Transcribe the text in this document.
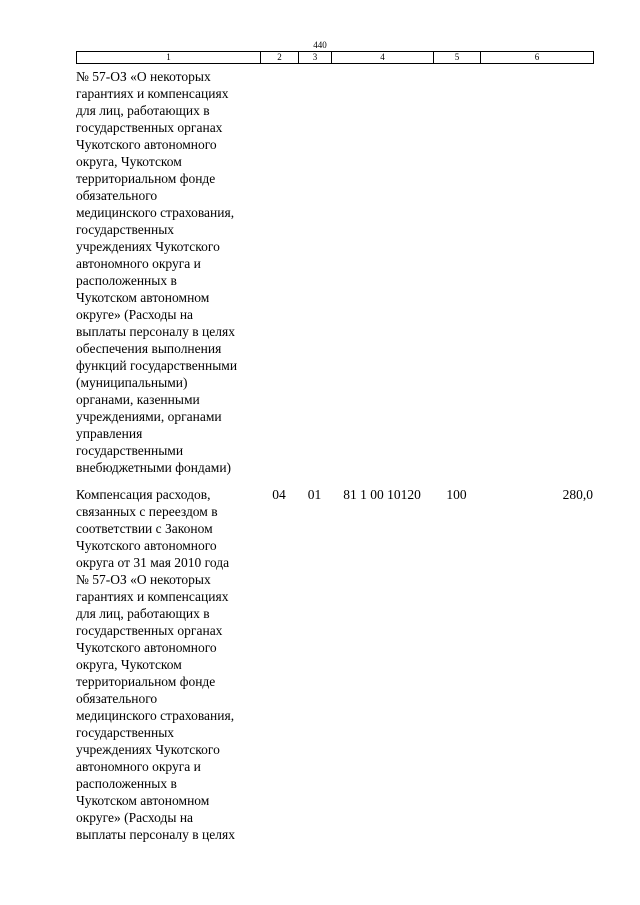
440
1	2	3	4	5	6
№ 57-ОЗ «О некоторых
гарантиях и компенсациях
для лиц, работающих в
государственных органах
Чукотского автономного
округа, Чукотском
территориальном фонде
обязательного
медицинского страхования,
государственных
учреждениях Чукотского
автономного округа и
расположенных в
Чукотском автономном
округе» (Расходы на
выплаты персоналу в целях
обеспечения выполнения
функций государственными
(муниципальными)
органами, казенными
учреждениями, органами
управления
государственными
внебюджетными фондами)
Компенсация расходов,
связанных с переездом в
соответствии с Законом
Чукотского автономного
округа от 31 мая 2010 года
№ 57-ОЗ «О некоторых
гарантиях и компенсациях
для лиц, работающих в
государственных органах
Чукотского автономного
округа, Чукотском
территориальном фонде
обязательного
медицинского страхования,
государственных
учреждениях Чукотского
автономного округа и
расположенных в
Чукотском автономном
округе» (Расходы на
выплаты персоналу в целях
04	01	81 1 00 10120	100	280,0
